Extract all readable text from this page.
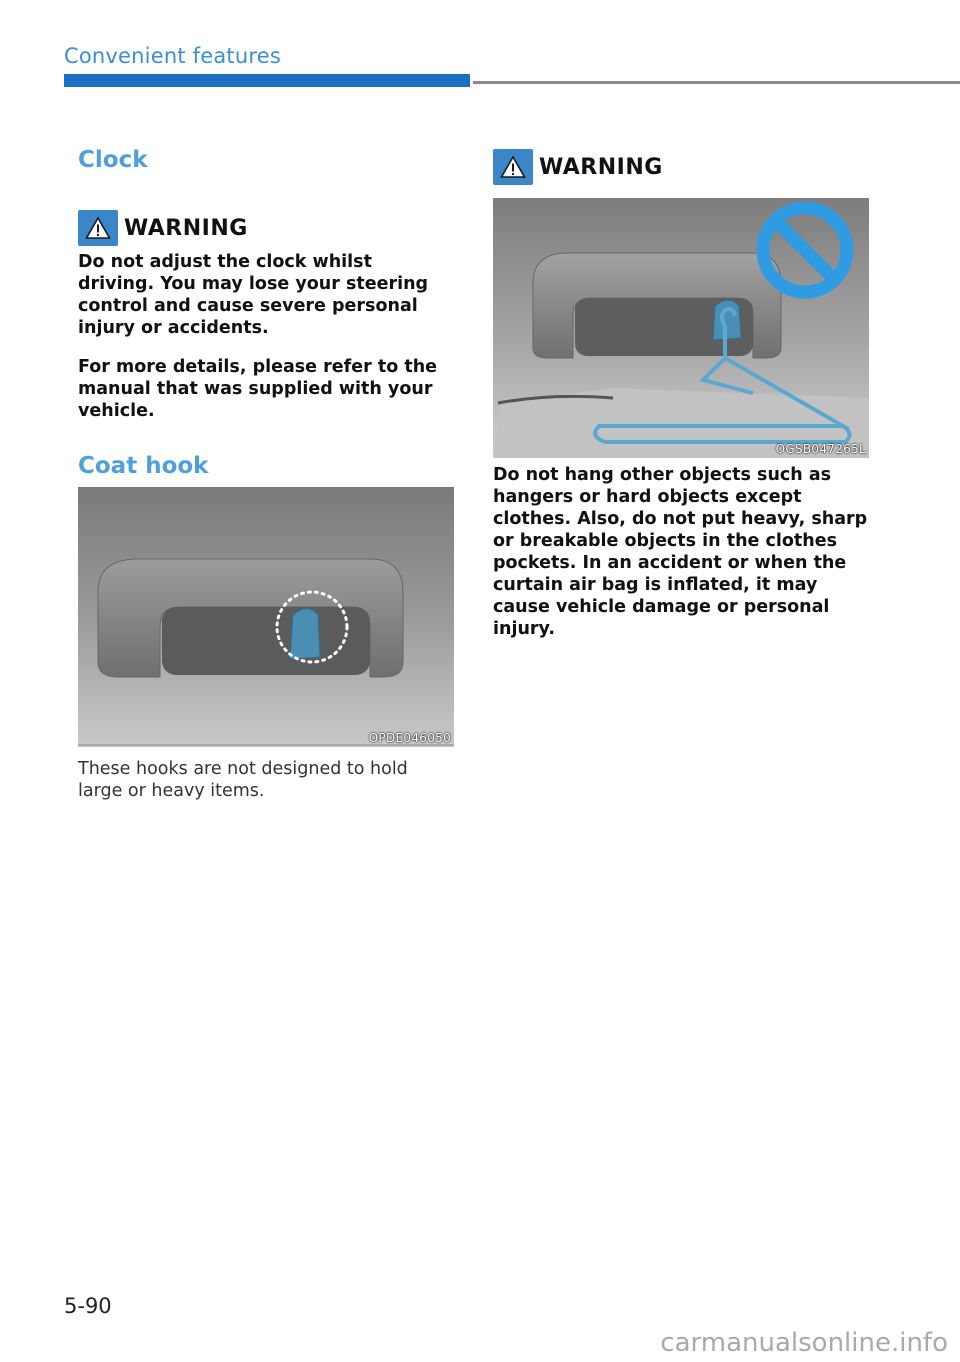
Convenient features
Clock
WARNING
Do not adjust the clock whilst driving. You may lose your steering control and cause severe personal injury or accidents.
For more details, please refer to the manual that was supplied with your vehicle.
Coat hook
OPDE046050
These hooks are not designed to hold large or heavy items.
WARNING
OGSB047265L
Do not hang other objects such as hangers or hard objects except clothes. Also, do not put heavy, sharp or breakable objects in the clothes pockets. In an accident or when the curtain air bag is inflated, it may cause vehicle damage or personal injury.
5-90
carmanualsonline.info
